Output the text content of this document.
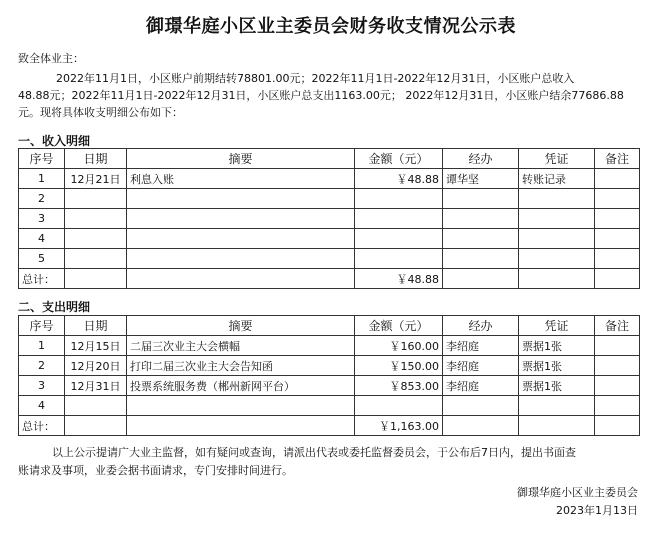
御璟华庭小区业主委员会财务收支情况公示表
致全体业主：
2022年11月1日，小区账户前期结转78801.00元；2022年11月1日-2022年12月31日，小区账户总收入
48.88元；2022年11月1日-2022年12月31日，小区账户总支出1163.00元； 2022年12月31日，小区账户结余77686.88
元。现将具体收支明细公布如下：
一、收入明细
序号	日期	摘要	金额（元）	经办	凭证	备注
1	12月21日	利息入账	￥48.88	谭华坚	转账记录	
2						
3						
4						
5						
总计：			￥48.88			
二、支出明细
序号	日期	摘要	金额（元）	经办	凭证	备注
1	12月15日	二届三次业主大会横幅	￥160.00	李绍庭	票据1张	
2	12月20日	打印二届三次业主大会告知函	￥150.00	李绍庭	票据1张	
3	12月31日	投票系统服务费（郴州新网平台）	￥853.00	李绍庭	票据1张	
4						
总计：			￥1,163.00			
以上公示提请广大业主监督，如有疑问或查询，请派出代表或委托监督委员会，于公布后7日内，提出书面查
账请求及事项，业委会据书面请求，专门安排时间进行。
御璟华庭小区业主委员会
2023年1月13日
